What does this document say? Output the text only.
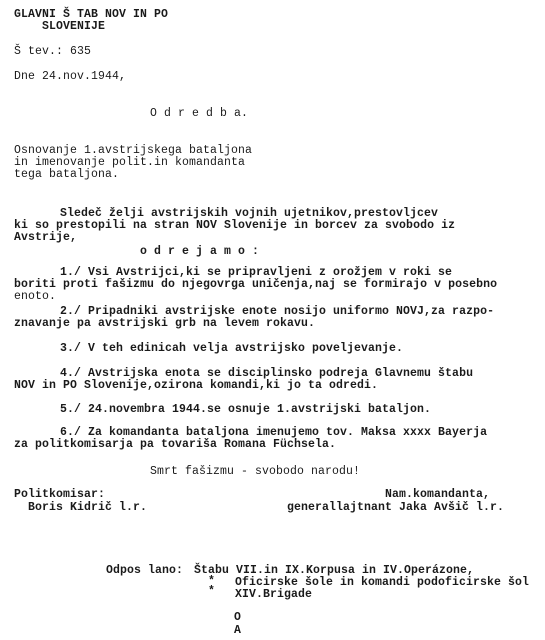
GLAVNI Š TAB NOV IN PO
SLOVENIJE
Š tev.: 635
Dne 24.nov.1944,
O d r e d b a.
Osnovanje 1.avstrijskega bataljona
in imenovanje polit.in komandanta
tega bataljona.
Sledeč želji avstrijskih vojnih ujetnikov,prestovljcev
ki so prestopili na stran NOV Slovenije in borcev za svobodo iz
Avstrije,
o d r e j a m o :
1./ Vsi Avstrijci,ki se pripravljeni z orožjem v roki se
boriti proti fašizmu do njegovrga uničenja,naj se formirajo v posebno
enoto.
2./ Pripadniki avstrijske enote nosijo uniformo NOVJ,za razpo-
znavanje pa avstrijski grb na levem rokavu.
3./ V teh edinicah velja avstrijsko poveljevanje.
4./ Avstrijska enota se disciplinsko podreja Glavnemu štabu
NOV in PO Slovenije,ozirona komandi,ki jo ta odredi.
5./ 24.novembra 1944.se osnuje 1.avstrijski bataljon.
6./ Za komandanta bataljona imenujemo tov. Maksa xxxx Bayerja
za politkomisarja pa tovariša Romana Füchsela.
Smrt fašizmu - svobodo narodu!
Politkomisar:
Boris Kidrič l.r.
Nam.komandanta,
generallajtnant Jaka Avšič l.r.
Odpos lano: Štabu VII.in IX.Korpusa in IV.Operázone,
* Oficirske šole in komandi podoficirske šol
* XIV.Brigade
O
A
